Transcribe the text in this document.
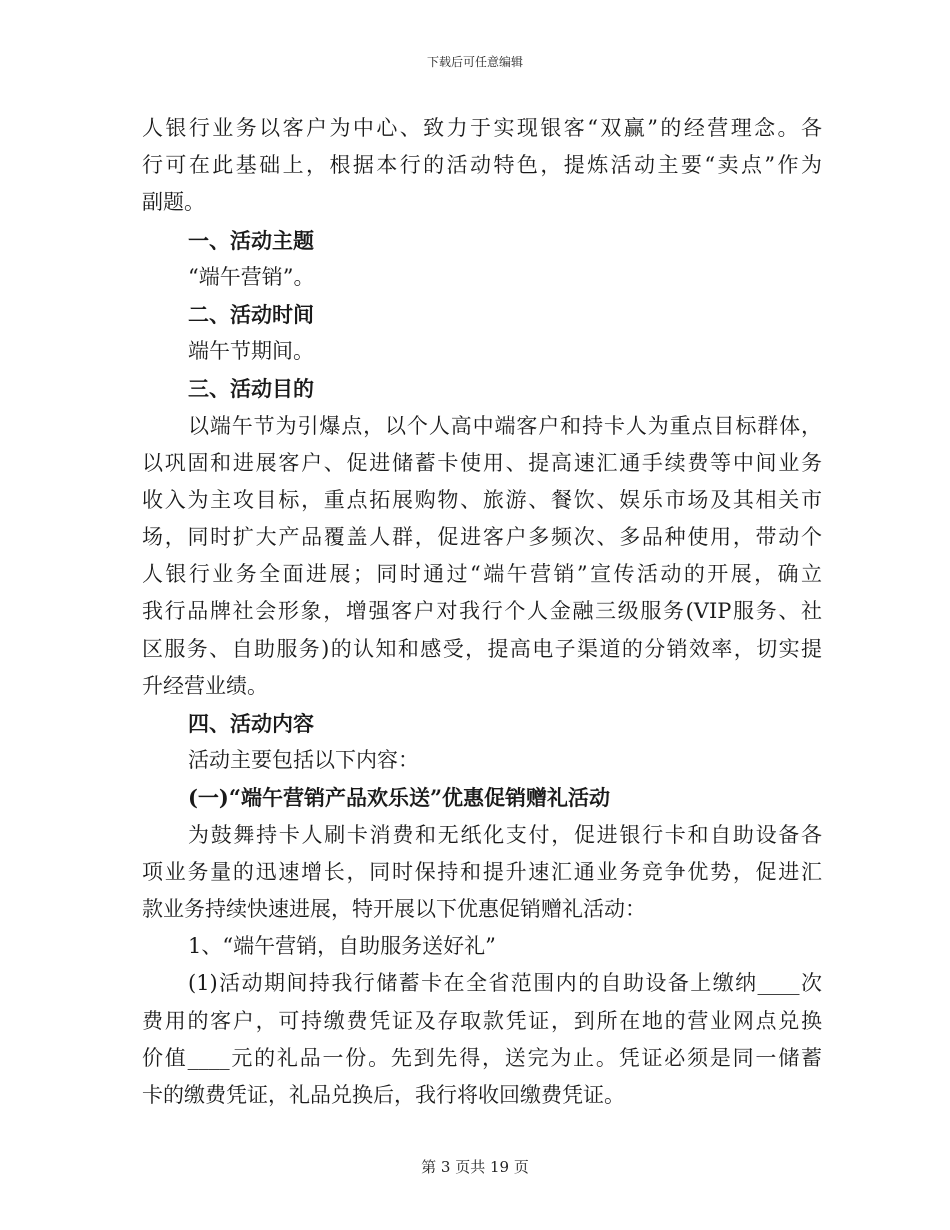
下载后可任意编辑
人银行业务以客户为中心、致力于实现银客“双赢”的经营理念。各
行可在此基础上，根据本行的活动特色，提炼活动主要“卖点”作为
副题。
一、活动主题
“端午营销”。
二、活动时间
端午节期间。
三、活动目的
以端午节为引爆点，以个人高中端客户和持卡人为重点目标群体，
以巩固和进展客户、促进储蓄卡使用、提高速汇通手续费等中间业务
收入为主攻目标，重点拓展购物、旅游、餐饮、娱乐市场及其相关市
场，同时扩大产品覆盖人群，促进客户多频次、多品种使用，带动个
人银行业务全面进展；同时通过“端午营销”宣传活动的开展，确立
我行品牌社会形象，增强客户对我行个人金融三级服务(VIP服务、社
区服务、自助服务)的认知和感受，提高电子渠道的分销效率，切实提
升经营业绩。
四、活动内容
活动主要包括以下内容：
(一)“端午营销产品欢乐送”优惠促销赠礼活动
为鼓舞持卡人刷卡消费和无纸化支付，促进银行卡和自助设备各
项业务量的迅速增长，同时保持和提升速汇通业务竞争优势，促进汇
款业务持续快速进展，特开展以下优惠促销赠礼活动：
1、“端午营销，自助服务送好礼”
(1)活动期间持我行储蓄卡在全省范围内的自助设备上缴纳____次
费用的客户，可持缴费凭证及存取款凭证，到所在地的营业网点兑换
价值____元的礼品一份。先到先得，送完为止。凭证必须是同一储蓄
卡的缴费凭证，礼品兑换后，我行将收回缴费凭证。
第 3 页共 19 页
